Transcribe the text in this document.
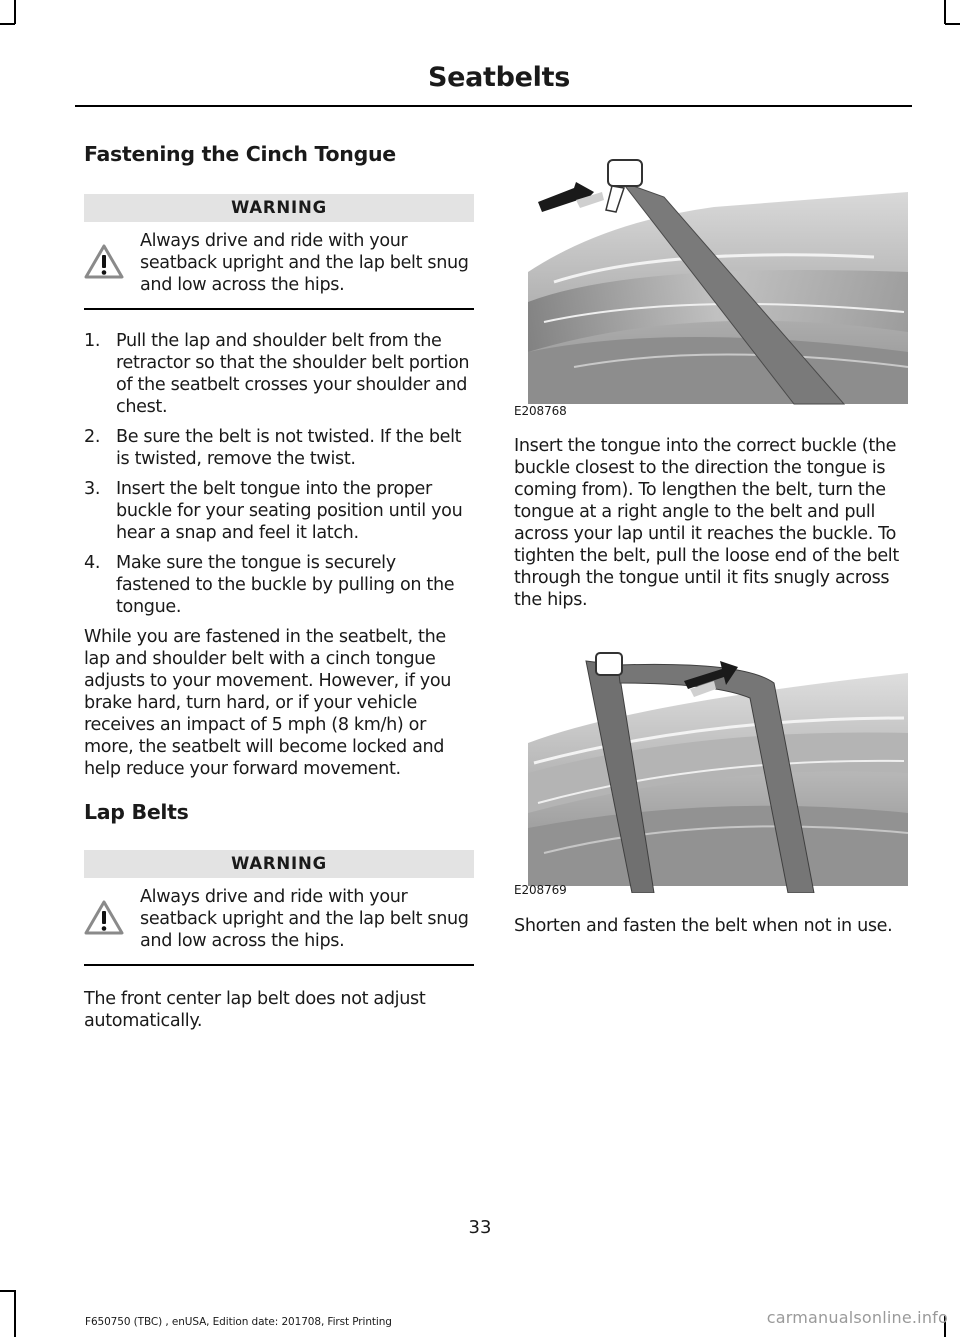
Seatbelts
Fastening the Cinch Tongue
WARNING
Always drive and ride with your seatback upright and the lap belt snug and low across the hips.
1. Pull the lap and shoulder belt from the retractor so that the shoulder belt portion of the seatbelt crosses your shoulder and chest.
2. Be sure the belt is not twisted. If the belt is twisted, remove the twist.
3. Insert the belt tongue into the proper buckle for your seating position until you hear a snap and feel it latch.
4. Make sure the tongue is securely fastened to the buckle by pulling on the tongue.
While you are fastened in the seatbelt, the lap and shoulder belt with a cinch tongue adjusts to your movement. However, if you brake hard, turn hard, or if your vehicle receives an impact of 5 mph (8 km/h) or more, the seatbelt will become locked and help reduce your forward movement.
Lap Belts
WARNING
Always drive and ride with your seatback upright and the lap belt snug and low across the hips.
The front center lap belt does not adjust automatically.
E208768
Insert the tongue into the correct buckle (the buckle closest to the direction the tongue is coming from). To lengthen the belt, turn the tongue at a right angle to the belt and pull across your lap until it reaches the buckle. To tighten the belt, pull the loose end of the belt through the tongue until it fits snugly across the hips.
E208769
Shorten and fasten the belt when not in use.
33
F650750 (TBC) , enUSA, Edition date: 201708, First Printing	carmanualsonline.info
